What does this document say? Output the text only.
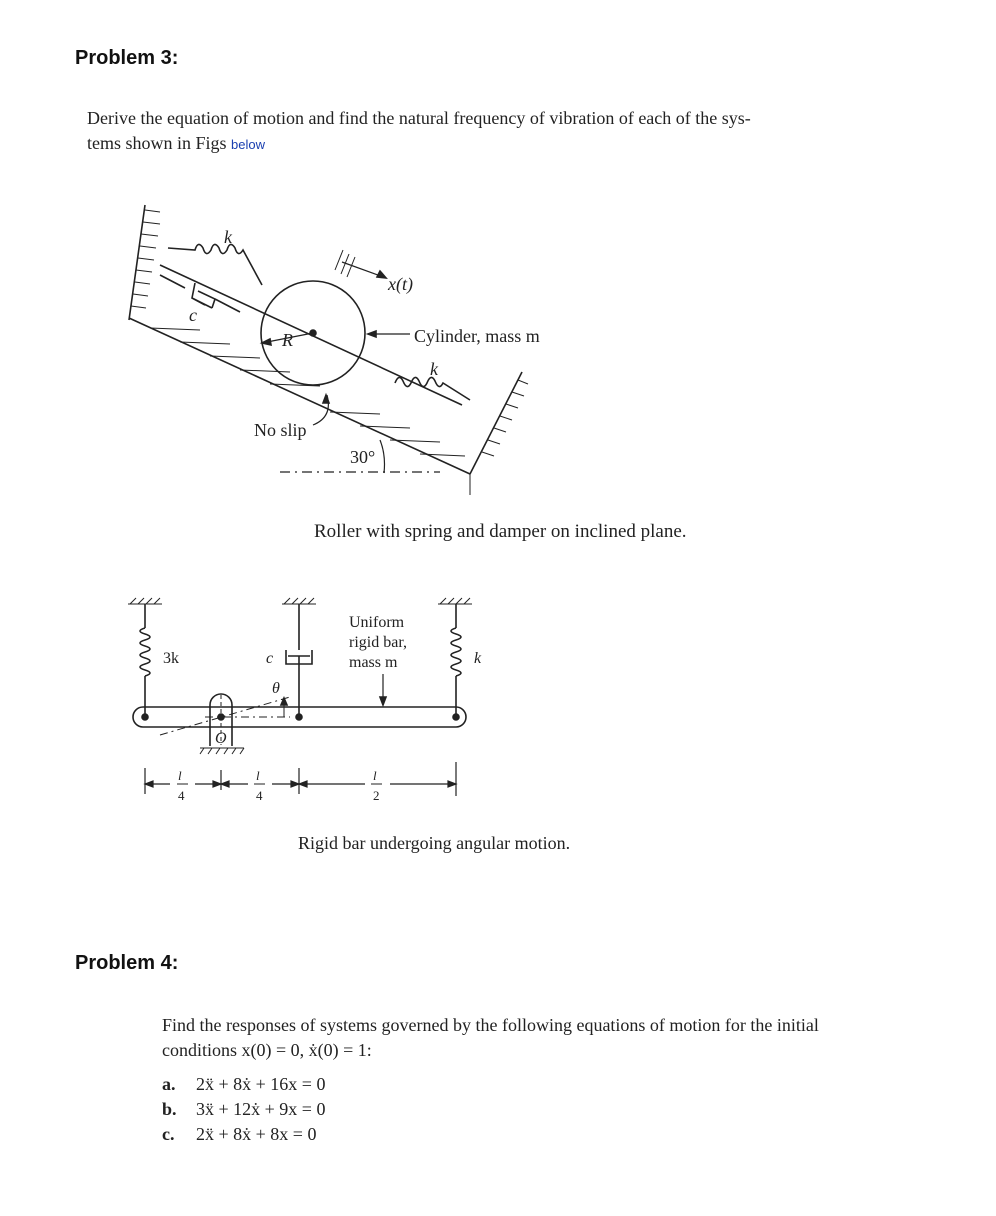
Problem 3:
Derive the equation of motion and find the natural frequency of vibration of each of the sys-
tems shown in Figs below
k
c
R
x(t)
Cylinder, mass m
k
No slip
30°
Roller with spring and damper on inclined plane.
3k	c
θ
O
Uniform
rigid bar,
mass m	k
l
4
l
4
l
2
Rigid bar undergoing angular motion.
Problem 4:
Find the responses of systems governed by the following equations of motion for the initial
conditions x(0) = 0, ẋ(0) = 1:
a. 2ẍ + 8ẋ + 16x = 0
b. 3ẍ + 12ẋ + 9x = 0
c. 2ẍ + 8ẋ + 8x = 0
